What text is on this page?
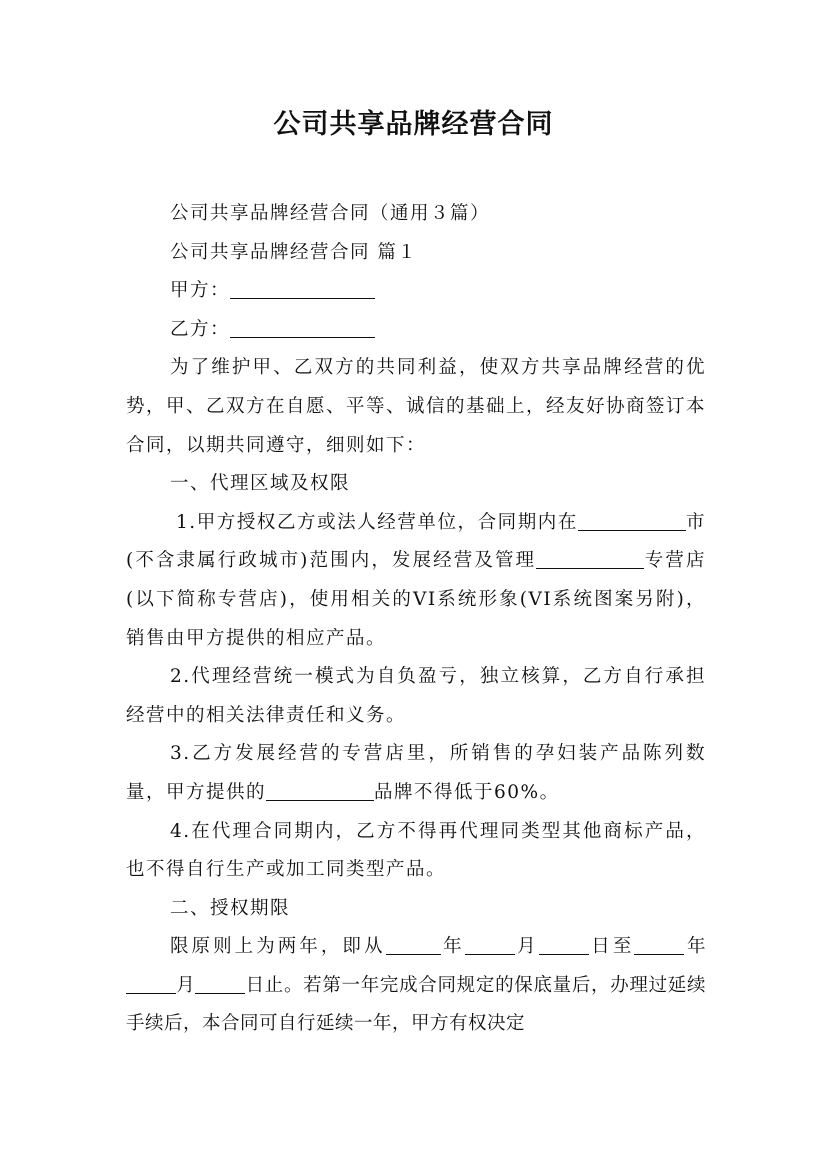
公司共享品牌经营合同

公司共享品牌经营合同（通用３篇）

公司共享品牌经营合同 篇１

甲方：

乙方：

为了维护甲、乙双方的共同利益，使双方共享品牌经营的优势，甲、乙双方在自愿、平等、诚信的基础上，经友好协商签订本合同，以期共同遵守，细则如下：

一、代理区域及权限

1.甲方授权乙方或法人经营单位，合同期内在	市(不含隶属行政城市)范围内，发展经营及管理	专营店(以下简称专营店)，使用相关的VI系统形象(VI系统图案另附)，销售由甲方提供的相应产品。

2.代理经营统一模式为自负盈亏，独立核算，乙方自行承担经营中的相关法律责任和义务。

3.乙方发展经营的专营店里，所销售的孕妇装产品陈列数量，甲方提供的	品牌不得低于60%。

4.在代理合同期内，乙方不得再代理同类型其他商标产品，也不得自行生产或加工同类型产品。

二、授权期限

限原则上为两年，即从	年	月	日至	年月	日止。若第一年完成合同规定的保底量后，办理过延续手续后，本合同可自行延续一年，甲方有权决定
